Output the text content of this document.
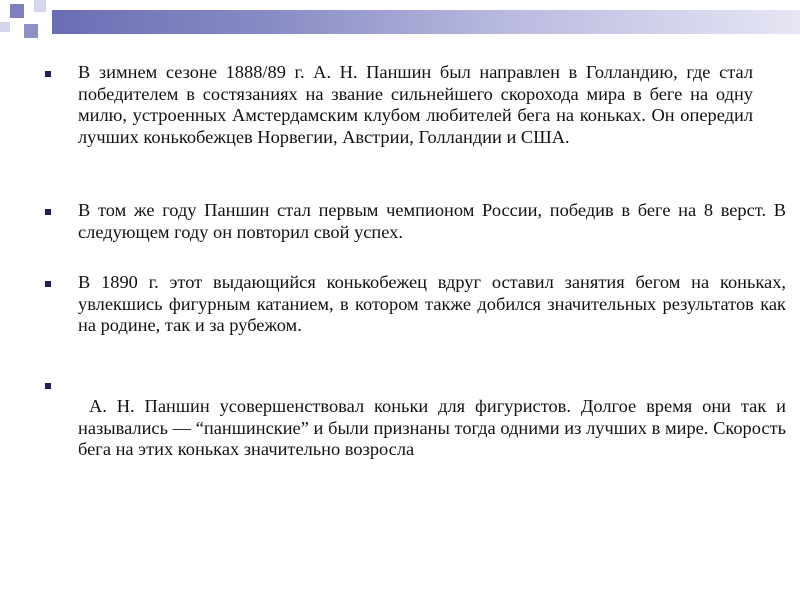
В зимнем сезоне 1888/89 г. А. Н. Паншин был направлен в Голландию, где стал победителем в состязаниях на звание сильнейшего скорохода мира в беге на одну милю, устроенных Амстердамским клубом любителей бега на коньках. Он опередил лучших конькобежцев Норвегии, Австрии, Голландии и США.

В том же году Паншин стал первым чемпионом России, победив в беге на 8 верст. В следующем году он повторил свой успех.

В 1890 г. этот выдающийся конькобежец вдруг оставил занятия бегом на коньках, увлекшись фигурным катанием, в котором также добился значительных результатов как на родине, так и за рубежом.

А. Н. Паншин усовершенствовал коньки для фигуристов. Долгое время они так и назывались — “паншинские” и были признаны тогда одними из лучших в мире. Скорость бега на этих коньках значительно возросла
